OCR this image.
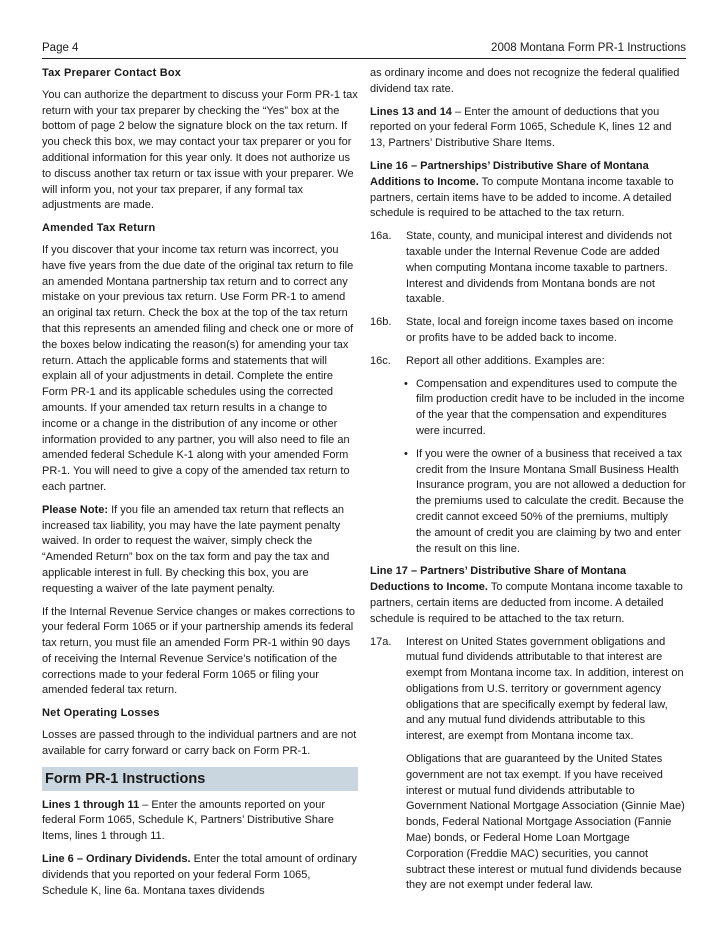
Page 4	2008 Montana Form PR-1 Instructions
Tax Preparer Contact Box

You can authorize the department to discuss your Form PR-1 tax return with your tax preparer by checking the “Yes” box at the bottom of page 2 below the signature block on the tax return. If you check this box, we may contact your tax preparer or you for additional information for this year only. It does not authorize us to discuss another tax return or tax issue with your preparer. We will inform you, not your tax preparer, if any formal tax adjustments are made.

Amended Tax Return

If you discover that your income tax return was incorrect, you have five years from the due date of the original tax return to file an amended Montana partnership tax return and to correct any mistake on your previous tax return. Use Form PR-1 to amend an original tax return. Check the box at the top of the tax return that this represents an amended filing and check one or more of the boxes below indicating the reason(s) for amending your tax return. Attach the applicable forms and statements that will explain all of your adjustments in detail. Complete the entire Form PR-1 and its applicable schedules using the corrected amounts. If your amended tax return results in a change to income or a change in the distribution of any income or other information provided to any partner, you will also need to file an amended federal Schedule K-1 along with your amended Form PR-1. You will need to give a copy of the amended tax return to each partner.

Please Note: If you file an amended tax return that reflects an increased tax liability, you may have the late payment penalty waived. In order to request the waiver, simply check the “Amended Return” box on the tax form and pay the tax and applicable interest in full. By checking this box, you are requesting a waiver of the late payment penalty.

If the Internal Revenue Service changes or makes corrections to your federal Form 1065 or if your partnership amends its federal tax return, you must file an amended Form PR-1 within 90 days of receiving the Internal Revenue Service’s notification of the corrections made to your federal Form 1065 or filing your amended federal tax return.

Net Operating Losses

Losses are passed through to the individual partners and are not available for carry forward or carry back on Form PR-1.

Form PR-1 Instructions

Lines 1 through 11 – Enter the amounts reported on your federal Form 1065, Schedule K, Partners’ Distributive Share Items, lines 1 through 11.

Line 6 – Ordinary Dividends. Enter the total amount of ordinary dividends that you reported on your federal Form 1065, Schedule K, line 6a. Montana taxes dividends

as ordinary income and does not recognize the federal qualified dividend tax rate.

Lines 13 and 14 – Enter the amount of deductions that you reported on your federal Form 1065, Schedule K, lines 12 and 13, Partners’ Distributive Share Items.

Line 16 – Partnerships’ Distributive Share of Montana Additions to Income. To compute Montana income taxable to partners, certain items have to be added to income. A detailed schedule is required to be attached to the tax return.

16a. State, county, and municipal interest and dividends not taxable under the Internal Revenue Code are added when computing Montana income taxable to partners. Interest and dividends from Montana bonds are not taxable.
16b. State, local and foreign income taxes based on income or profits have to be added back to income.
16c. Report all other additions. Examples are:
• Compensation and expenditures used to compute the film production credit have to be included in the income of the year that the compensation and expenditures were incurred.
• If you were the owner of a business that received a tax credit from the Insure Montana Small Business Health Insurance program, you are not allowed a deduction for the premiums used to calculate the credit. Because the credit cannot exceed 50% of the premiums, multiply the amount of credit you are claiming by two and enter the result on this line.

Line 17 – Partners’ Distributive Share of Montana Deductions to Income. To compute Montana income taxable to partners, certain items are deducted from income. A detailed schedule is required to be attached to the tax return.

17a. Interest on United States government obligations and mutual fund dividends attributable to that interest are exempt from Montana income tax. In addition, interest on obligations from U.S. territory or government agency obligations that are specifically exempt by federal law, and any mutual fund dividends attributable to this interest, are exempt from Montana income tax.
Obligations that are guaranteed by the United States government are not tax exempt. If you have received interest or mutual fund dividends attributable to Government National Mortgage Association (Ginnie Mae) bonds, Federal National Mortgage Association (Fannie Mae) bonds, or Federal Home Loan Mortgage Corporation (Freddie MAC) securities, you cannot subtract these interest or mutual fund dividends because they are not exempt under federal law.
